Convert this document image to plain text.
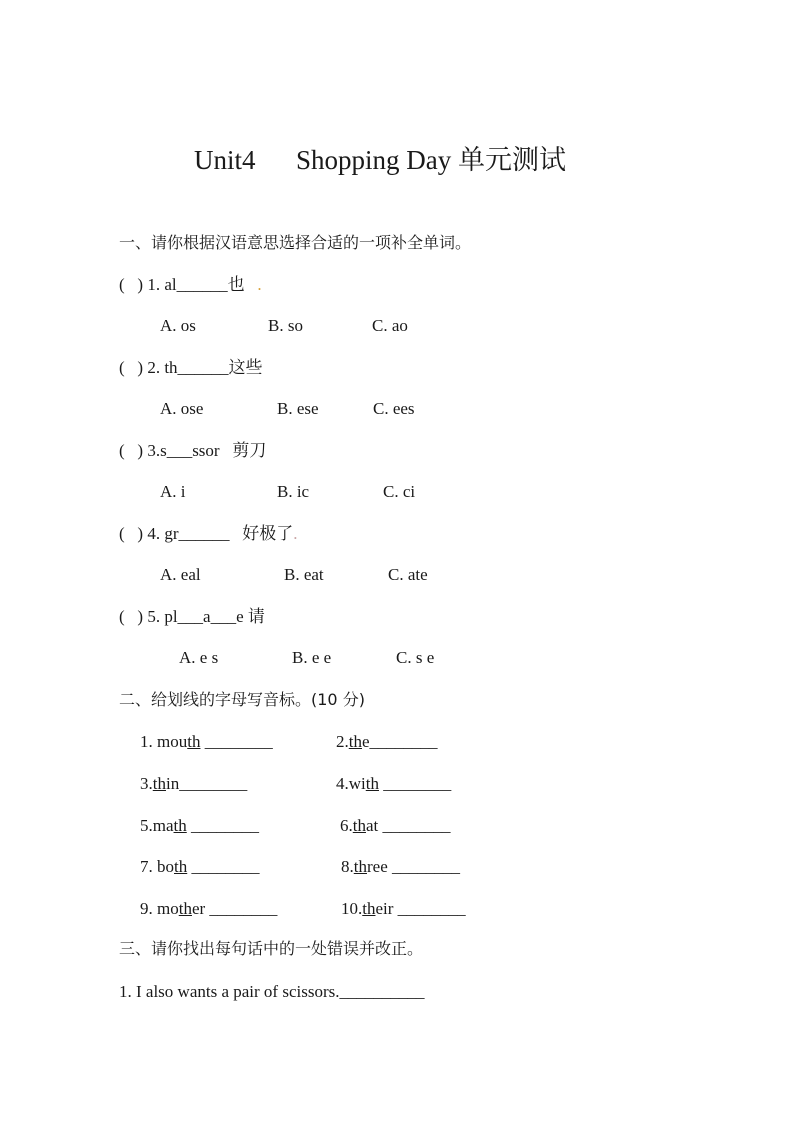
Unit4      Shopping Day 单元测试
一、请你根据汉语意思选择合适的一项补全单词。
(   ) 1. al______也 .
A. os	B. so	C. ao
(   ) 2. th______这些
A. ose	B. ese	C. ees
(   ) 3.s___ssor   剪刀
A. i	B. ic	C. ci
(   ) 4. gr______   好极了.
A. eal	B. eat	C. ate
(   ) 5. pl___a___e 请
A. e s	B. e e	C. s e
二、给划线的字母写音标。(10 分)
1. mouth ________	2.the________
3.thin________	4.with ________
5.math ________	6.that ________
7. both ________	8.three ________
9. mother ________	10.their ________
三、请你找出每句话中的一处错误并改正。
1. I also wants a pair of scissors.__________
